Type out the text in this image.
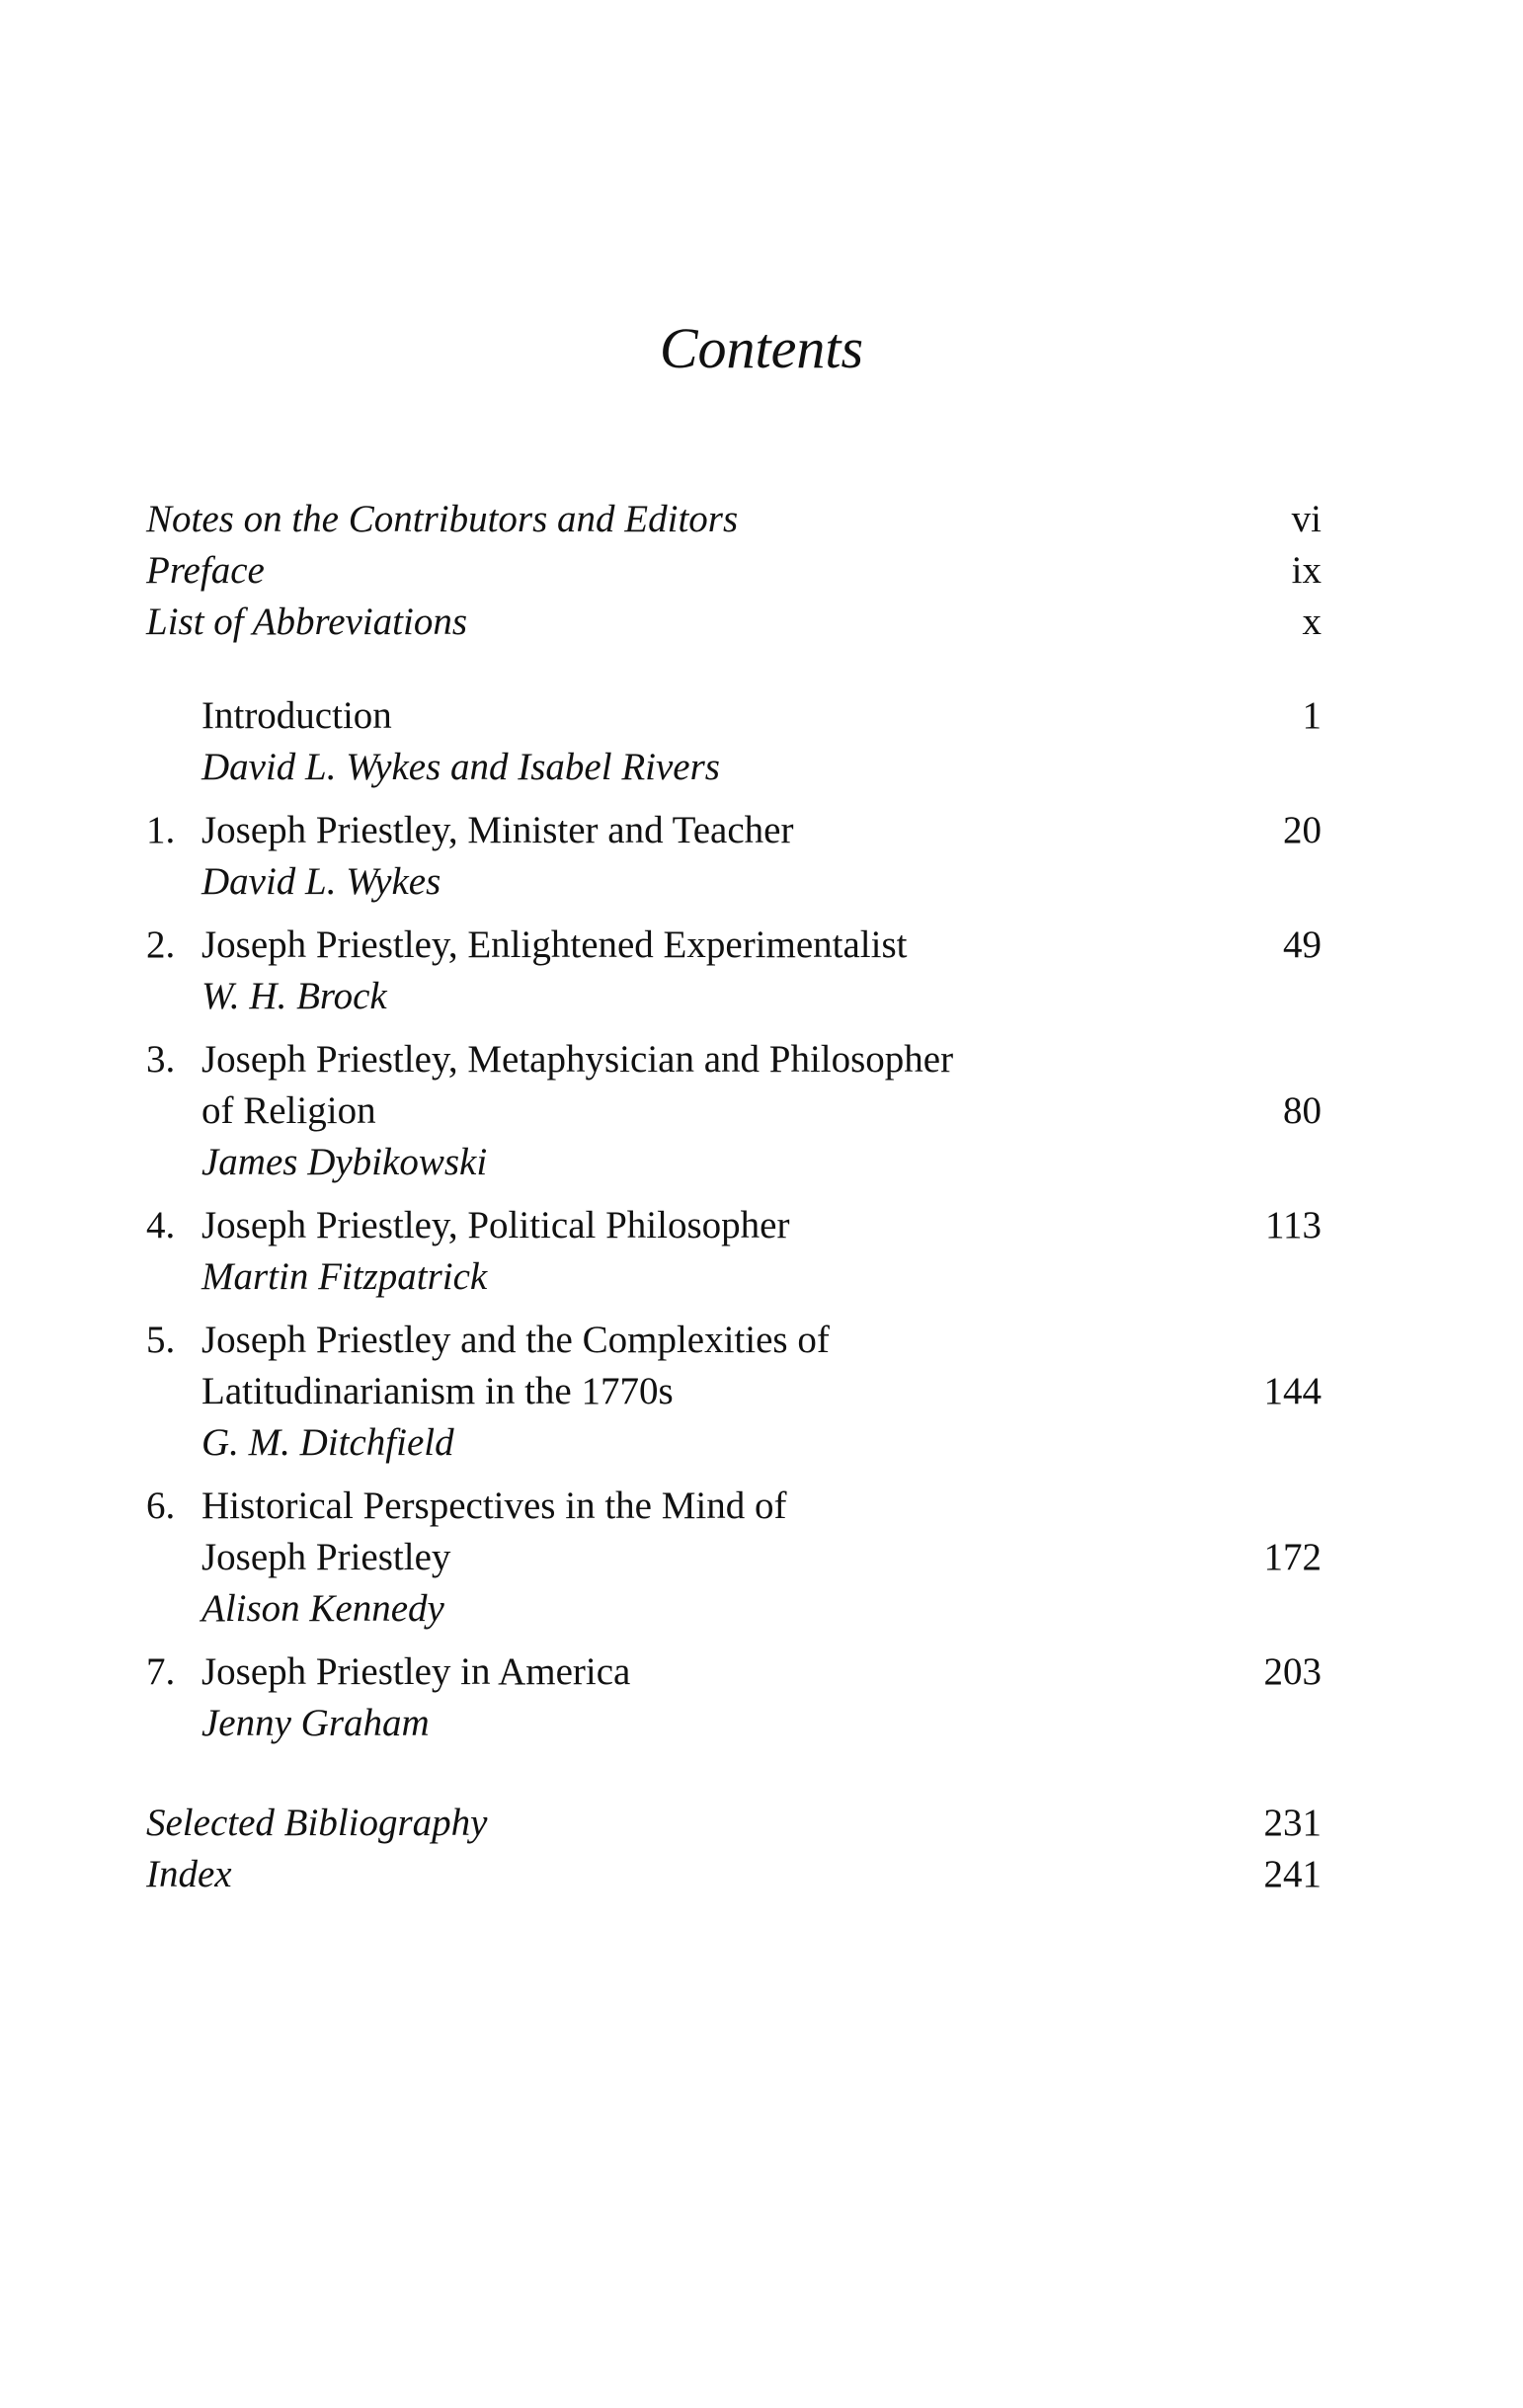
Contents
Notes on the Contributors and Editors	vi
Preface	ix
List of Abbreviations	x
Introduction	1
David L. Wykes and Isabel Rivers
1. Joseph Priestley, Minister and Teacher	20
David L. Wykes
2. Joseph Priestley, Enlightened Experimentalist	49
W. H. Brock
3. Joseph Priestley, Metaphysician and Philosopher
of Religion	80
James Dybikowski
4. Joseph Priestley, Political Philosopher	113
Martin Fitzpatrick
5. Joseph Priestley and the Complexities of
Latitudinarianism in the 1770s	144
G. M. Ditchfield
6. Historical Perspectives in the Mind of
Joseph Priestley	172
Alison Kennedy
7. Joseph Priestley in America	203
Jenny Graham
Selected Bibliography	231
Index	241
